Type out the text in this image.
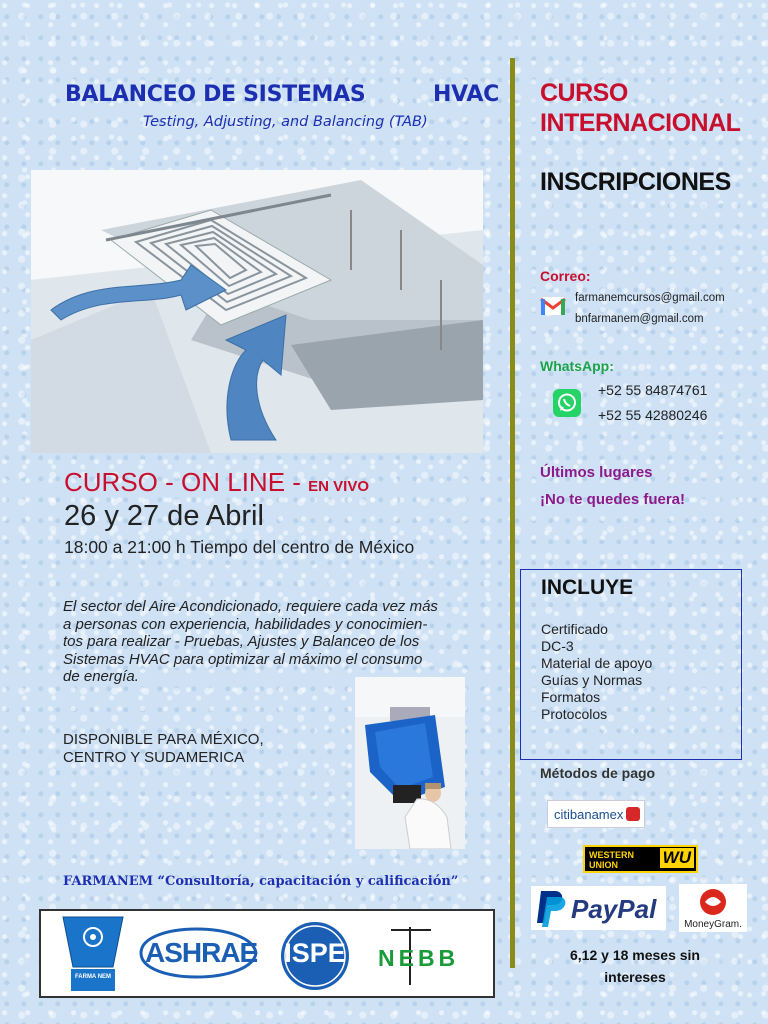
BALANCEO DE SISTEMAS	HVAC
Testing, Adjusting, and Balancing (TAB)
CURSO - ON LINE - EN VIVO
26 y 27 de Abril
18:00 a 21:00 h Tiempo del centro de México
El sector del Aire Acondicionado, requiere cada vez más
a personas con experiencia, habilidades y conocimien-
tos para realizar - Pruebas, Ajustes y Balanceo de los
Sistemas HVAC para optimizar al máximo el consumo
de energía.
DISPONIBLE PARA MÉXICO,
CENTRO Y SUDAMERICA
FARMANEM “Consultoría, capacitación y calificación”
FARMA NEM
ASHRAE ISPE NEBB
CURSO
INTERNACIONAL
INSCRIPCIONES
Correo:
farmanemcursos@gmail.com
bnfarmanem@gmail.com
WhatsApp:
+52 55 84874761
+52 55 42880246
Últimos lugares
¡No te quedes fuera!
INCLUYE
Certificado
DC-3
Material de apoyo
Guías y Normas
Formatos
Protocolos
Métodos de pago
citibanamex
WESTERN UNION	WU
PayPal
MoneyGram.
6,12 y 18 meses sin
intereses
